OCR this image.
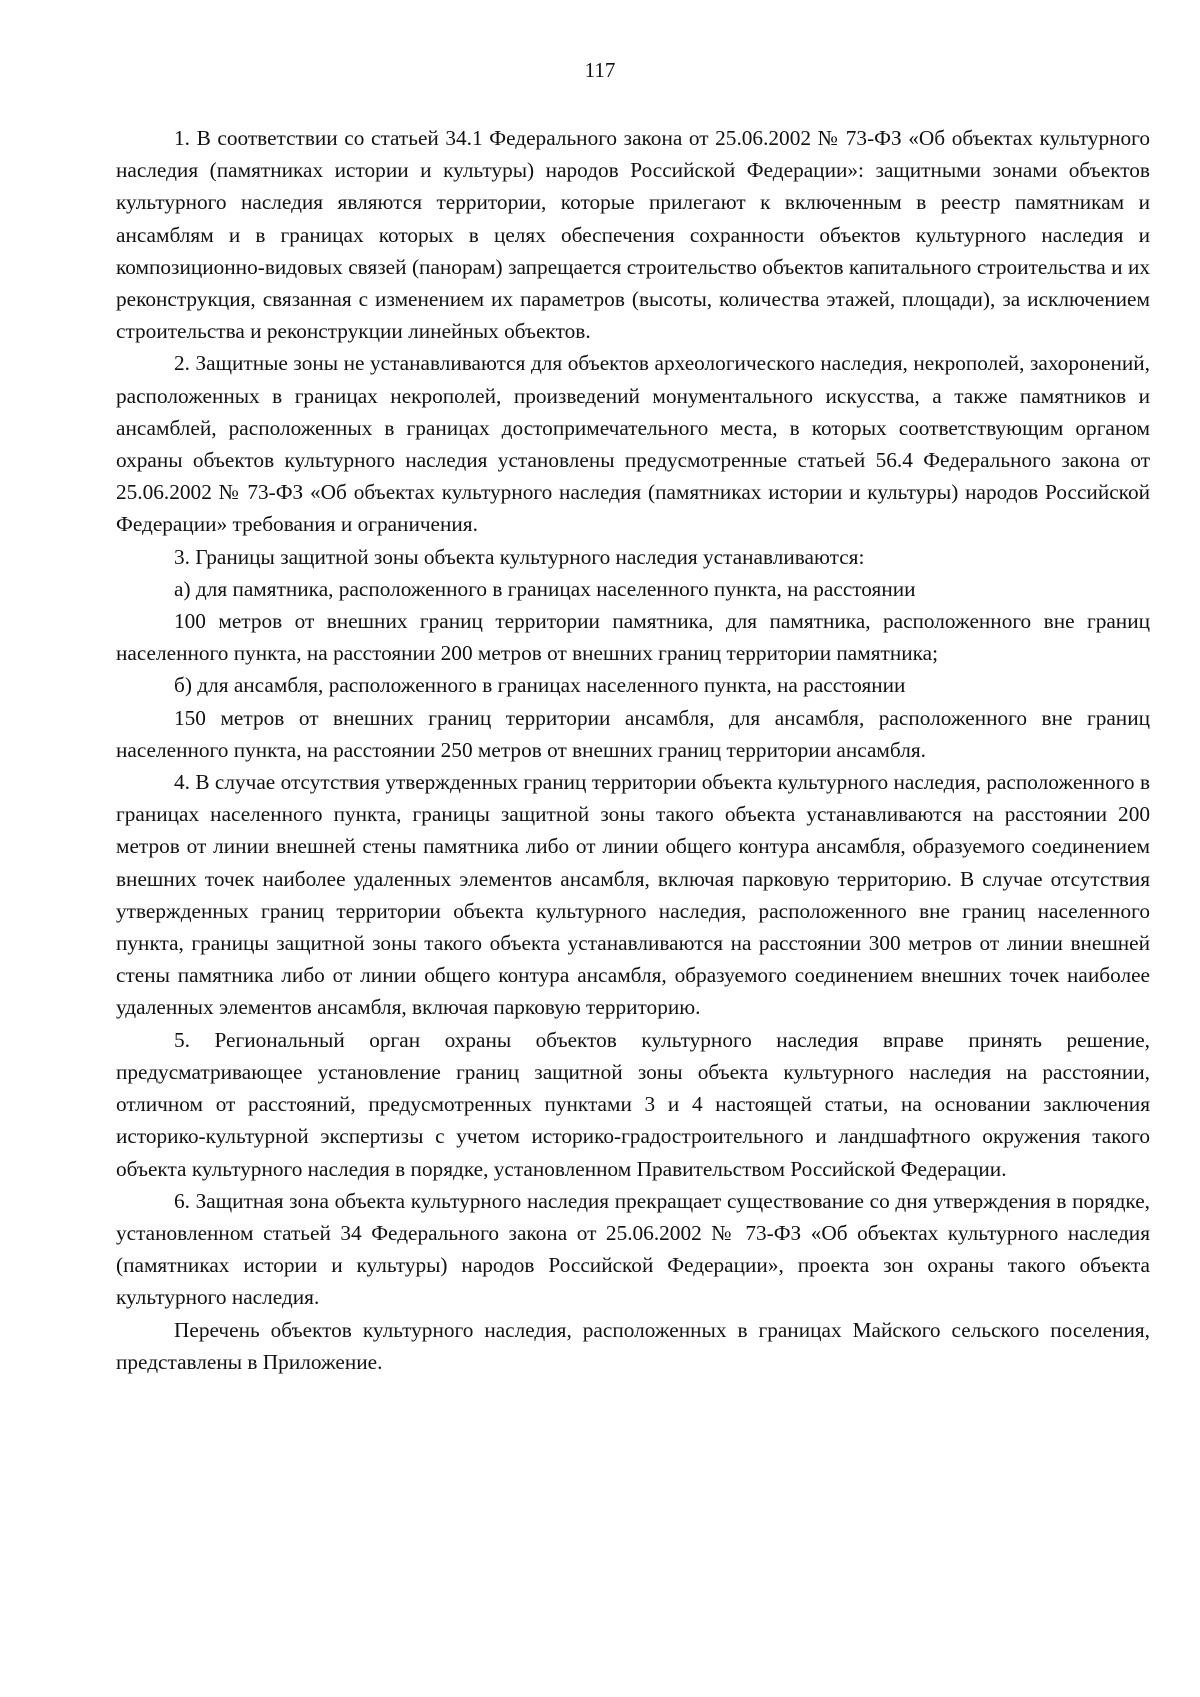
117

1. В соответствии со статьей 34.1 Федерального закона от 25.06.2002 № 73-ФЗ «Об объектах культурного наследия (памятниках истории и культуры) народов Российской Федерации»: защитными зонами объектов культурного наследия являются территории, которые прилегают к включенным в реестр памятникам и ансамблям и в границах которых в целях обеспечения сохранности объектов культурного наследия и композиционно-видовых связей (панорам) запрещается строительство объектов капитального строительства и их реконструкция, связанная с изменением их параметров (высоты, количества этажей, площади), за исключением строительства и реконструкции линейных объектов.

2. Защитные зоны не устанавливаются для объектов археологического наследия, некрополей, захоронений, расположенных в границах некрополей, произведений монументального искусства, а также памятников и ансамблей, расположенных в границах достопримечательного места, в которых соответствующим органом охраны объектов культурного наследия установлены предусмотренные статьей 56.4 Федерального закона от 25.06.2002 № 73-ФЗ «Об объектах культурного наследия (памятниках истории и культуры) народов Российской Федерации» требования и ограничения.

3. Границы защитной зоны объекта культурного наследия устанавливаются:

а) для памятника, расположенного в границах населенного пункта, на расстоянии

100 метров от внешних границ территории памятника, для памятника, расположенного вне границ населенного пункта, на расстоянии 200 метров от внешних границ территории памятника;

б) для ансамбля, расположенного в границах населенного пункта, на расстоянии

150 метров от внешних границ территории ансамбля, для ансамбля, расположенного вне границ населенного пункта, на расстоянии 250 метров от внешних границ территории ансамбля.

4. В случае отсутствия утвержденных границ территории объекта культурного наследия, расположенного в границах населенного пункта, границы защитной зоны такого объекта устанавливаются на расстоянии 200 метров от линии внешней стены памятника либо от линии общего контура ансамбля, образуемого соединением внешних точек наиболее удаленных элементов ансамбля, включая парковую территорию. В случае отсутствия утвержденных границ территории объекта культурного наследия, расположенного вне границ населенного пункта, границы защитной зоны такого объекта устанавливаются на расстоянии 300 метров от линии внешней стены памятника либо от линии общего контура ансамбля, образуемого соединением внешних точек наиболее удаленных элементов ансамбля, включая парковую территорию.

5. Региональный орган охраны объектов культурного наследия вправе принять решение, предусматривающее установление границ защитной зоны объекта культурного наследия на расстоянии, отличном от расстояний, предусмотренных пунктами 3 и 4 настоящей статьи, на основании заключения историко-культурной экспертизы с учетом историко-градостроительного и ландшафтного окружения такого объекта культурного наследия в порядке, установленном Правительством Российской Федерации.

6. Защитная зона объекта культурного наследия прекращает существование со дня утверждения в порядке, установленном статьей 34 Федерального закона от 25.06.2002 № 73-ФЗ «Об объектах культурного наследия (памятниках истории и культуры) народов Российской Федерации», проекта зон охраны такого объекта культурного наследия.

Перечень объектов культурного наследия, расположенных в границах Майского сельского поселения, представлены в Приложение.
